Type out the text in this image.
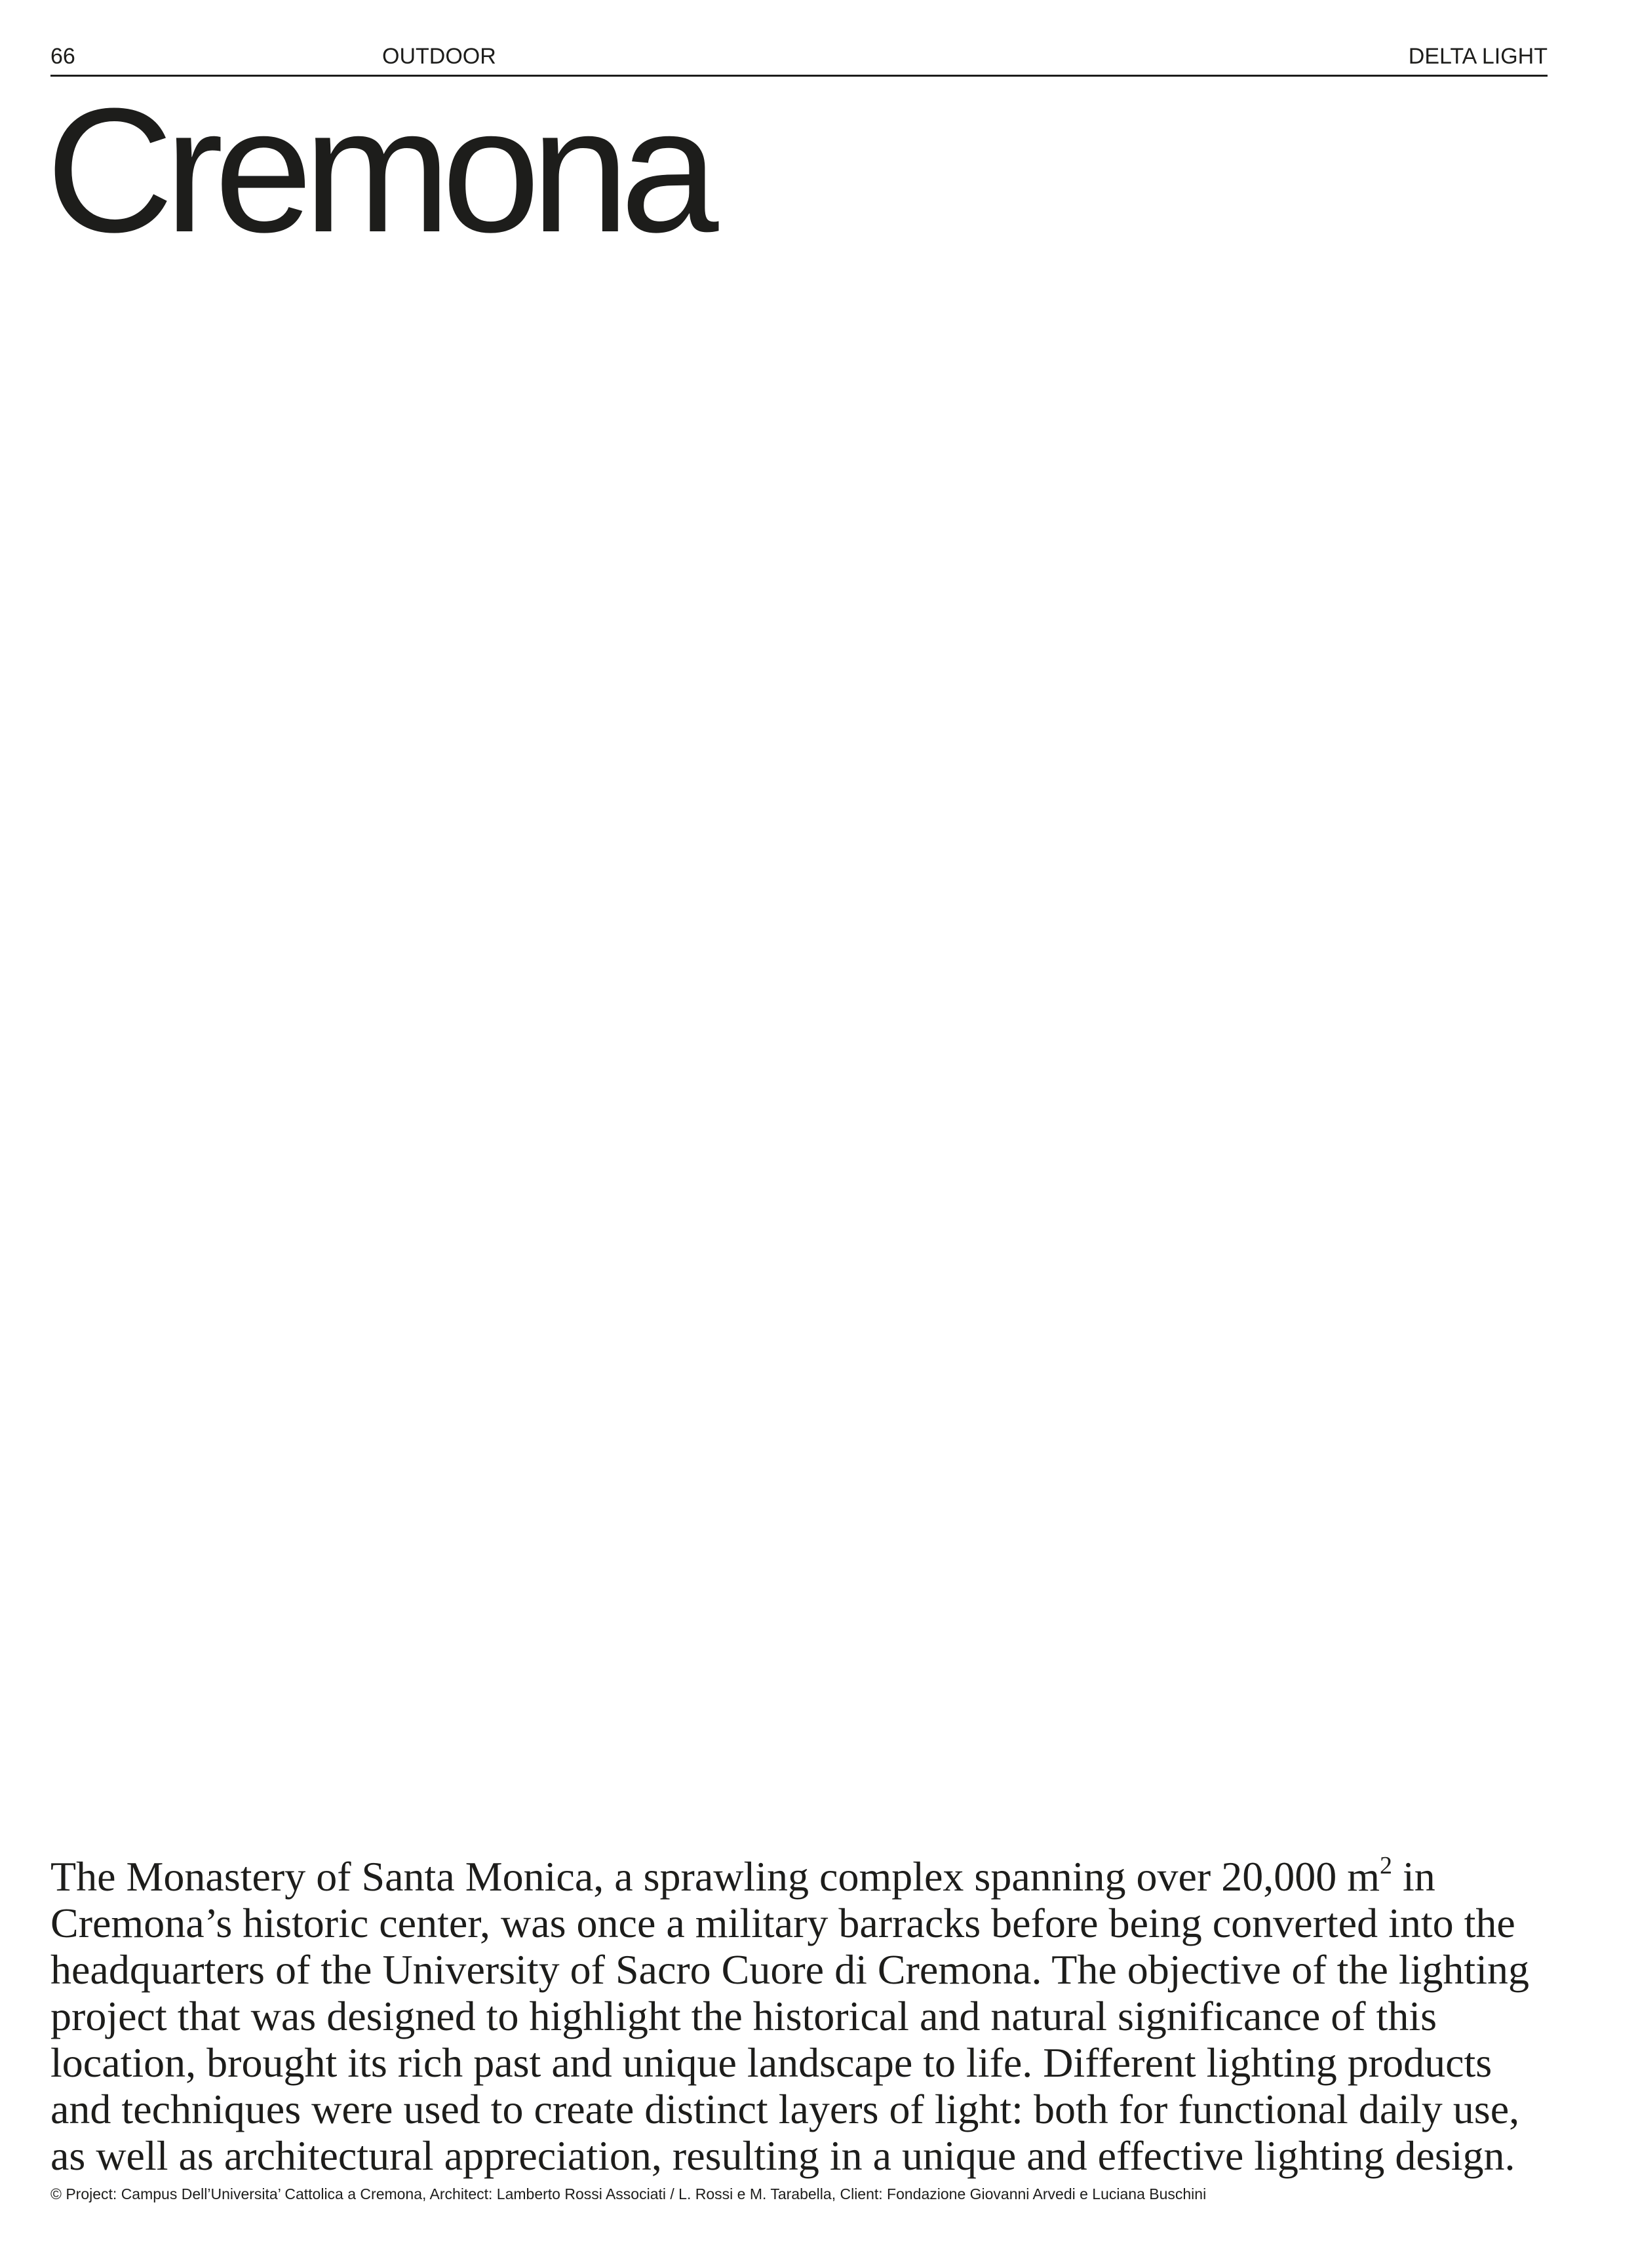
66	OUTDOOR	DELTA LIGHT
Cremona
The Monastery of Santa Monica, a sprawling complex spanning over 20,000 $m^2$ in
Cremona’s historic center, was once a military barracks before being converted into the
headquarters of the University of Sacro Cuore di Cremona. The objective of the lighting
project that was designed to highlight the historical and natural significance of this
location, brought its rich past and unique landscape to life. Different lighting products
and techniques were used to create distinct layers of light: both for functional daily use,
as well as architectural appreciation, resulting in a unique and effective lighting design.
© Project: Campus Dell’Universita’ Cattolica a Cremona, Architect: Lamberto Rossi Associati / L. Rossi e M. Tarabella, Client: Fondazione Giovanni Arvedi e Luciana Buschini
